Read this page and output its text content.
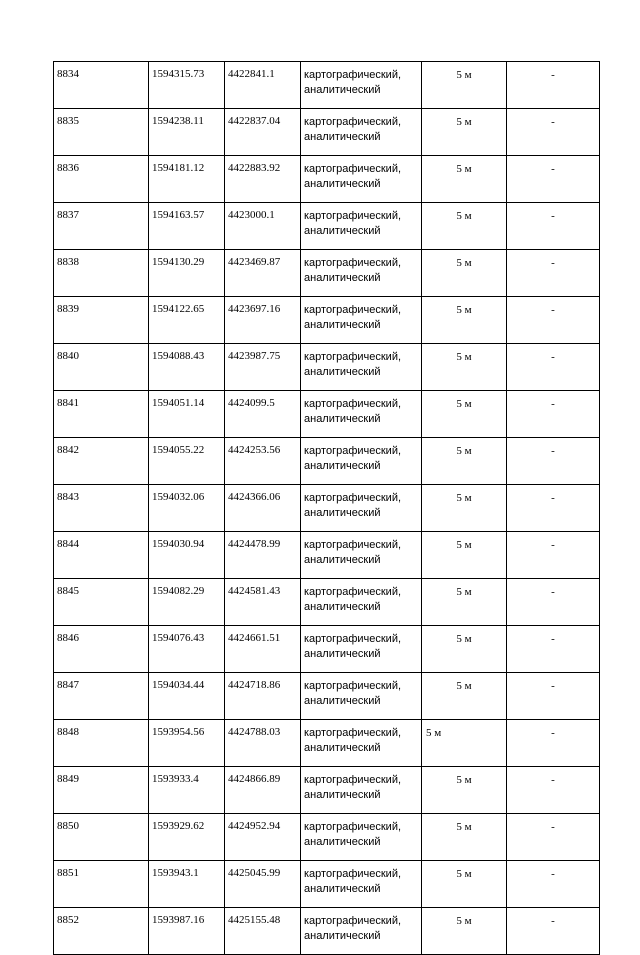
8834	1594315.73	4422841.1	картографический,
аналитический	5 м	-
8835	1594238.11	4422837.04	картографический,
аналитический	5 м	-
8836	1594181.12	4422883.92	картографический,
аналитический	5 м	-
8837	1594163.57	4423000.1	картографический,
аналитический	5 м	-
8838	1594130.29	4423469.87	картографический,
аналитический	5 м	-
8839	1594122.65	4423697.16	картографический,
аналитический	5 м	-
8840	1594088.43	4423987.75	картографический,
аналитический	5 м	-
8841	1594051.14	4424099.5	картографический,
аналитический	5 м	-
8842	1594055.22	4424253.56	картографический,
аналитический	5 м	-
8843	1594032.06	4424366.06	картографический,
аналитический	5 м	-
8844	1594030.94	4424478.99	картографический,
аналитический	5 м	-
8845	1594082.29	4424581.43	картографический,
аналитический	5 м	-
8846	1594076.43	4424661.51	картографический,
аналитический	5 м	-
8847	1594034.44	4424718.86	картографический,
аналитический	5 м	-
8848	1593954.56	4424788.03	картографический,
аналитический	5 м	-
8849	1593933.4	4424866.89	картографический,
аналитический	5 м	-
8850	1593929.62	4424952.94	картографический,
аналитический	5 м	-
8851	1593943.1	4425045.99	картографический,
аналитический	5 м	-
8852	1593987.16	4425155.48	картографический,
аналитический	5 м	-
